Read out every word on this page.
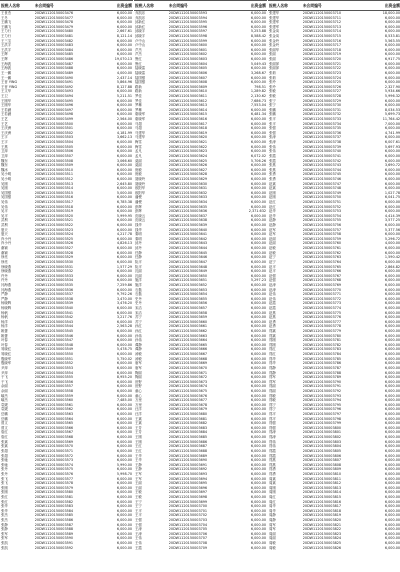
报税人名称	未合同编号	出资金额
王世杰	20DW1120150003476	6,000.00
王冬	20DW1120150003477	6,000.00
王鹏飞	20DW1120150003478	6,000.00
王鹏飞	20DW1120150003479	6,000.00
王力行	20DW1120150003480	2,667.61
王力行	20DW1120150003481	8,121.14
王三宝	20DW1120150003482	6,000.00
王洪宇	20DW1120150003483	6,000.00
王洪宇	20DW1120150003484	6,000.00
王辉	20DW1120150003485	6,000.00
王辉	20DW1120150003486	19,070.13
王海波	20DW1120150003487	6,000.00
王海波	20DW1120150003488	6,000.00
王一鹏	20DW1120150003489	4,000.00
王一鹏	20DW1120150003490	2,437.14
王晋 YING	20DW1120150003491	5,864.96
王晋 YING	20DW1120150003492	8,127.88
王文华	20DW1120150003493	6,000.00
王卫	20DW1120150003494	5,211.51
王刚华	20DW1120150003495	6,000.00
王刚华	20DW1120150003496	6,000.00
王若涵	20DW1120150003497	6,000.00
王若涵	20DW1120150003498	6,000.00
王艺	20DW1120150003499	2,564.00
王艺	20DW1120150003500	6,000.00
王庆洲	20DW1120150003501	6,000.00
王庆洲	20DW1120150003502	4,181.99
王宇	20DW1120150003503	3,662.13
王宇	20DW1120150003504	6,000.00
王燕	20DW1120150003505	6,000.00
卫萍	20DW1120150003506	6,000.00
卫萍	20DW1120150003507	6,000.00
魏东	20DW1120150003508	3,066.60
魏东	20DW1120150003509	6,000.00
魏冰	20DW1120150003510	6,000.00
吴小明	20DW1120150003511	6,000.00
吴小明	20DW1120150003512	6,000.00
吴刚	20DW1120150003513	2,645.80
吴刚	20DW1120150003514	6,000.00
吴国强	20DW1120150003515	5,000.00
吴国强	20DW1120150003516	6,000.00
吴伟	20DW1120150003517	6,785.38
吴伟	20DW1120150003518	6,000.00
吴平	20DW1120150003519	6,000.00
吴平	20DW1120150003520	5,999.95
武利	20DW1120150003521	6,000.00
武利	20DW1120150003522	6,000.00
夏天	20DW1120150003523	6,000.00
夏天	20DW1120150003524	4,217.78
肖小丹	20DW1120150003525	6,000.00
肖小丹	20DW1120150003526	4,826.13
谢颖	20DW1120150003527	6,000.00
谢颖	20DW1120150003528	6,000.00
徐亮	20DW1120150003529	6,000.00
徐亮	20DW1120150003530	6,000.00
徐晓燕	20DW1120150003531	1,577.29
徐晓燕	20DW1120150003532	6,000.00
许丹	20DW1120150003533	6,000.00
许丹	20DW1120150003534	6,000.00
闫海燕	20DW1120150003535	7,259.86
闫海燕	20DW1120150003536	6,000.00
严静	20DW1120150003537	9,792.26
严静	20DW1120150003538	3,470.00
杨晓辉	20DW1120150003539	3,476.20
杨晓辉	20DW1120150003540	6,000.00
杨帆	20DW1120150003541	6,000.00
杨帆	20DW1120150003542	3,217.76
杨洋	20DW1120150003543	6,000.00
杨洋	20DW1120150003544	2,563.28
姚蕾	20DW1120150003545	6,000.00
姚蕾	20DW1120150003546	6,000.00
叶春	20DW1120150003547	6,000.00
叶春	20DW1120150003548	6,000.00
易晓红	20DW1120150003549	5,478.75
易晓红	20DW1120150003550	6,000.00
殷晓军	20DW1120150003551	5,750.02
殷晓军	20DW1120150003552	6,000.00
尹萍	20DW1120150003553	6,000.00
尹萍	20DW1120150003554	6,000.00
于飞	20DW1120150003555	8,955.20
于飞	20DW1120150003556	6,000.00
余丽	20DW1120150003557	6,000.00
余丽	20DW1120150003558	6,000.00
喻杰	20DW1120150003559	6,000.00
喻杰	20DW1120150003560	7,485.00
袁媛	20DW1120150003561	6,000.00
袁媛	20DW1120150003562	6,000.00
岳鹏	20DW1120150003563	6,000.00
岳鹏	20DW1120150003564	6,000.00
曾文	20DW1120150003565	6,000.00
曾文	20DW1120150003566	6,000.00
詹红	20DW1120150003567	6,000.00
詹红	20DW1120150003568	6,000.00
张斌	20DW1120150003569	6,000.00
张斌	20DW1120150003570	6,000.00
张超	20DW1120150003571	6,000.00
张超	20DW1120150003572	6,000.00
张驰	20DW1120150003573	6,000.00
张驰	20DW1120150003574	5,990.00
张丹	20DW1120150003575	6,000.00
张丹	20DW1120150003576	5,998.70
张飞	20DW1120150003577	6,000.00
张飞	20DW1120150003578	6,000.00
张刚	20DW1120150003579	6,000.00
张刚	20DW1120150003580	6,000.00
张红	20DW1120150003581	6,000.00
张红	20DW1120150003582	6,000.00
张华	20DW1120150003583	6,000.00
张华	20DW1120150003584	6,000.00
张杰	20DW1120150003585	6,000.00
张杰	20DW1120150003586	6,000.00
张静	20DW1120150003587	6,000.00
张静	20DW1120150003588	6,000.00
张军	20DW1120150003589	6,000.00
张军	20DW1120150003590	6,000.00
张凯	20DW1120150003591	6,000.00
张凯	20DW1120150003592	6,000.00
报税人名称	未合同编号	出资金额
乔凯乐	20DW1120150003593	6,000.00
乔凯乐	20DW1120150003594	6,000.00
邱新红	20DW1120150003595	6,000.00
邱新红	20DW1120150003596	6,000.00
邱晓宇	20DW1120150003597	5,253.88
邱晓宇	20DW1120150003598	8,588.42
卢中山	20DW1120150003599	6,000.00
卢中山	20DW1120150003600	6,000.00
芦杰	20DW1120150003601	6,000.00
芦杰	20DW1120150003602	6,000.00
鲁红	20DW1120150003603	6,000.00
鲁红	20DW1120150003604	5,049.43
陆晓雷	20DW1120150003605	6,000.00
陆晓雷	20DW1120150003606	3,268.67
陆国强	20DW1120150003607	6,000.00
陆国强	20DW1120150003608	6,000.00
路新	20DW1120150003609	798.51
路新	20DW1120150003610	1,289.82
罗佳	20DW1120150003611	2,130.62
罗佳	20DW1120150003612	7,686.73
罗琳	20DW1120150003613	7,553.04
罗琳	20DW1120150003614	6,000.00
骆晓军	20DW1120150003615	6,481.34
骆晓军	20DW1120150003616	6,000.00
马超	20DW1120150003617	6,000.00
马超	20DW1120150003618	6,000.00
马建华	20DW1120150003619	6,000.00
马建华	20DW1120150003620	6,000.00
梅雪	20DW1120150003621	6,000.00
梅雪	20DW1120150003622	6,000.00
孟凡	20DW1120150003623	6,000.00
孟凡	20DW1120150003624	6,072.02
莫丽	20DW1120150003625	5,706.26
莫丽	20DW1120150003626	6,000.00
倪敏	20DW1120150003627	6,000.00
倪敏	20DW1120150003628	6,000.00
聂晓玲	20DW1120150003629	6,000.00
聂晓玲	20DW1120150003630	6,000.00
欧阳华	20DW1120150003631	6,000.00
欧阳华	20DW1120150003632	6,000.00
潘俊	20DW1120150003633	6,000.00
潘俊	20DW1120150003634	6,000.00
彭辉	20DW1120150003635	6,000.00
彭辉	20DW1120150003636	2,371.632
皮晓云	20DW1120150003637	6,000.00
皮晓云	20DW1120150003638	6,000.00
钱华	20DW1120150003639	6,000.00
钱华	20DW1120150003640	6,000.00
秦明	20DW1120150003641	6,000.00
秦明	20DW1120150003642	6,000.00
邱丹	20DW1120150003643	6,000.00
邱丹	20DW1120150003644	6,000.00
任静	20DW1120150003645	6,000.00
任静	20DW1120150003646	6,000.00
阮平	20DW1120150003647	6,000.00
阮平	20DW1120150003648	6,000.00
沈丽	20DW1120150003649	6,000.00
沈丽	20DW1120150003650	6,000.00
施洋	20DW1120150003651	5,297.23
施洋	20DW1120150003652	6,000.00
石磊	20DW1120150003653	6,000.00
石磊	20DW1120150003654	6,000.00
史丹	20DW1120150003655	6,000.00
史丹	20DW1120150003656	6,000.00
宋洁	20DW1120150003657	6,000.00
宋洁	20DW1120150003658	6,000.00
苏宁	20DW1120150003659	6,000.00
苏宁	20DW1120150003660	6,000.00
孙红	20DW1120150003661	6,000.00
孙红	20DW1120150003662	6,000.00
孙伟	20DW1120150003663	6,000.00
孙伟	20DW1120150003664	6,000.00
谭静	20DW1120150003665	6,000.00
谭静	20DW1120150003666	6,000.00
汤敏	20DW1120150003667	6,000.00
汤敏	20DW1120150003668	6,000.00
唐军	20DW1120150003669	6,000.00
唐军	20DW1120150003670	6,000.00
陶丽	20DW1120150003671	6,000.00
陶丽	20DW1120150003672	6,000.00
田野	20DW1120150003673	6,000.00
田野	20DW1120150003674	6,000.00
童心	20DW1120150003675	6,000.00
童心	20DW1120150003676	6,000.00
万里	20DW1120150003677	6,000.00
万里	20DW1120150003678	6,000.00
汪洋	20DW1120150003679	6,000.00
汪洋	20DW1120150003680	6,000.00
王斌	20DW1120150003681	6,000.00
王斌	20DW1120150003682	6,000.00
王芳	20DW1120150003683	6,000.00
王芳	20DW1120150003684	6,000.00
王刚	20DW1120150003685	6,000.00
王刚	20DW1120150003686	6,000.00
王红	20DW1120150003687	6,000.00
王红	20DW1120150003688	6,000.00
王华	20DW1120150003689	6,000.00
王华	20DW1120150003690	6,000.00
王静	20DW1120150003691	6,000.00
王静	20DW1120150003692	6,000.00
王军	20DW1120150003693	6,000.00
王军	20DW1120150003694	6,000.00
王丽	20DW1120150003695	6,000.00
王丽	20DW1120150003696	6,000.00
王敏	20DW1120150003697	6,000.00
王敏	20DW1120150003698	6,000.00
王宁	20DW1120150003699	6,000.00
王宁	20DW1120150003700	6,000.00
王平	20DW1120150003701	6,000.00
王平	20DW1120150003702	6,000.00
王强	20DW1120150003703	6,000.00
王强	20DW1120150003704	6,000.00
王涛	20DW1120150003705	6,000.00
王涛	20DW1120150003706	6,000.00
王伟	20DW1120150003707	6,000.00
王伟	20DW1120150003708	6,000.00
王霞	20DW1120150003709	6,000.00
报税人名称	未合同编号	出资金额
张建华	20DW1120150003710	18,000.00
张建华	20DW1120150003711	6,000.00
张建军	20DW1120150003712	6,000.00
张建军	20DW1120150003713	6,000.00
张金凤	20DW1120150003714	6,000.00
张金凤	20DW1120150003715	8,533.81
张金玲	20DW1120150003716	5,563.55
张金玲	20DW1120150003717	6,000.00
张丽华	20DW1120150003718	6,000.00
张丽	20DW1120150003719	6,000.00
张丽	20DW1120150003720	6,917.75
张丽萍	20DW1120150003721	6,000.00
张丽萍	20DW1120150003722	6,000.00
张莉	20DW1120150003723	6,000.00
张莉	20DW1120150003724	6,000.00
张玲	20DW1120150003725	6,000.00
张玲	20DW1120150003726	2,327.90
张敏	20DW1120150003727	5,934.66
张敏	20DW1120150003728	5,996.32
张宁	20DW1120150003729	6,000.00
张宁	20DW1120150003730	6,000.00
张鹏	20DW1120150003731	8,034.53
张鹏	20DW1120150003732	5,699.73
张平	20DW1120150003733	11,764.42
张平	20DW1120150003734	7,000.00
张强	20DW1120150003735	6,000.00
张强	20DW1120150003736	4,741.99
张涛	20DW1120150003737	6,000.00
张涛	20DW1120150003738	6,007.61
张伟	20DW1120150003739	5,697.93
张伟	20DW1120150003740	6,000.00
张霞	20DW1120150003741	6,000.00
张霞	20DW1120150003742	6,000.00
张燕	20DW1120150003743	3,690.72
张燕	20DW1120150003744	6,000.00
张勇	20DW1120150003745	6,000.00
张勇	20DW1120150003746	6,000.00
赵斌	20DW1120150003747	6,000.00
赵斌	20DW1120150003748	6,000.00
赵刚	20DW1120150003749	1,027.78
赵刚	20DW1120150003750	6,041.75
赵红	20DW1120150003751	6,000.00
赵红	20DW1120150003752	6,000.00
赵华	20DW1120150003753	6,000.00
赵华	20DW1120150003754	4,414.39
赵静	20DW1120150003755	3,577.25
赵静	20DW1120150003756	6,000.00
赵军	20DW1120150003757	5,377.56
赵军	20DW1120150003758	6,000.00
赵丽	20DW1120150003759	5,296.72
赵丽	20DW1120150003760	4,000.00
赵敏	20DW1120150003761	6,000.00
赵敏	20DW1120150003762	6,000.00
赵宁	20DW1120150003763	1,590.42
赵宁	20DW1120150003764	6,000.00
赵平	20DW1120150003765	2,864.82
赵平	20DW1120150003766	6,000.00
赵强	20DW1120150003767	6,000.00
赵强	20DW1120150003768	6,000.00
赵涛	20DW1120150003769	6,000.00
赵涛	20DW1120150003770	6,000.00
赵伟	20DW1120150003771	6,000.00
赵伟	20DW1120150003772	6,000.00
赵霞	20DW1120150003773	6,000.00
赵霞	20DW1120150003774	6,000.00
赵燕	20DW1120150003775	6,000.00
赵燕	20DW1120150003776	6,000.00
赵勇	20DW1120150003777	6,000.00
赵勇	20DW1120150003778	6,000.00
郑斌	20DW1120150003779	6,000.00
郑斌	20DW1120150003780	6,000.00
郑刚	20DW1120150003781	6,000.00
郑刚	20DW1120150003782	6,000.00
郑红	20DW1120150003783	6,000.00
郑红	20DW1120150003784	6,000.00
郑华	20DW1120150003785	6,000.00
郑华	20DW1120150003786	6,000.00
郑静	20DW1120150003787	6,000.00
郑静	20DW1120150003788	6,000.00
郑军	20DW1120150003789	6,000.00
郑军	20DW1120150003790	6,000.00
郑丽	20DW1120150003791	6,000.00
郑丽	20DW1120150003792	6,000.00
郑敏	20DW1120150003793	6,000.00
郑敏	20DW1120150003794	6,000.00
郑宁	20DW1120150003795	6,000.00
郑宁	20DW1120150003796	6,000.00
郑平	20DW1120150003797	6,000.00
郑平	20DW1120150003798	6,000.00
郑强	20DW1120150003799	6,000.00
郑强	20DW1120150003800	6,000.00
郑涛	20DW1120150003801	6,000.00
郑涛	20DW1120150003802	6,000.00
郑伟	20DW1120150003803	6,000.00
郑伟	20DW1120150003804	6,000.00
郑霞	20DW1120150003805	6,000.00
郑霞	20DW1120150003806	6,000.00
郑燕	20DW1120150003807	6,000.00
郑燕	20DW1120150003808	6,000.00
郑勇	20DW1120150003809	6,000.00
郑勇	20DW1120150003810	6,000.00
周斌	20DW1120150003811	6,000.00
周斌	20DW1120150003812	6,000.00
周刚	20DW1120150003813	6,000.00
周刚	20DW1120150003814	6,000.00
周红	20DW1120150003815	6,000.00
周红	20DW1120150003816	6,000.00
周华	20DW1120150003817	6,000.00
周华	20DW1120150003818	6,000.00
周静	20DW1120150003819	6,000.00
周静	20DW1120150003820	6,000.00
周军	20DW1120150003821	6,000.00
周军	20DW1120150003822	6,000.00
周丽	20DW1120150003823	6,000.00
周丽	20DW1120150003824	6,000.00
周敏	20DW1120150003825	6,000.00
周敏	20DW1120150003826	6,000.00
